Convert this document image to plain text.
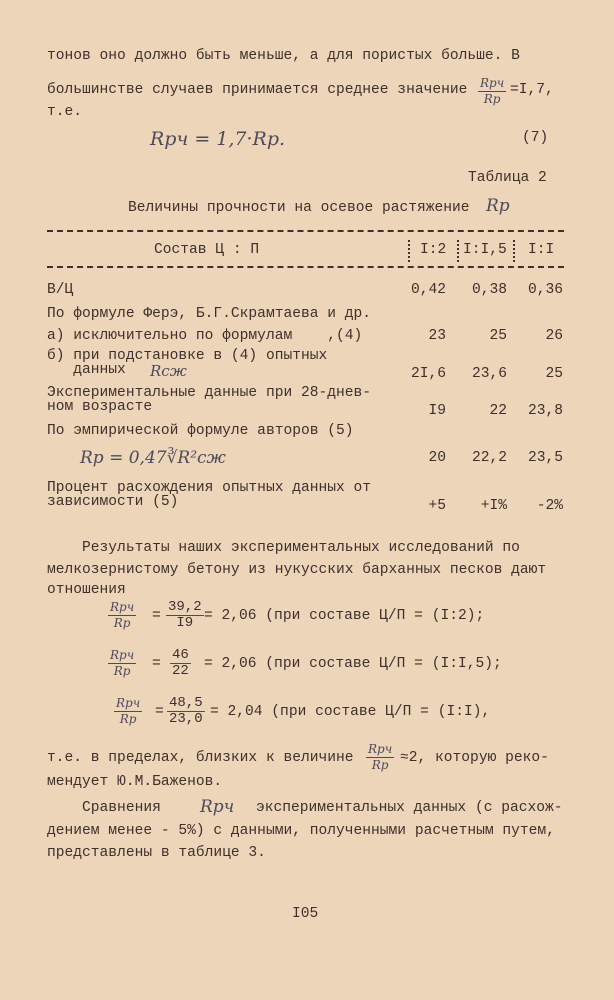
тонов оно должно быть меньше, а для пористых больше. В
большинстве случаев принимается среднее значение Rрч
Rр
=I,7,
т.е.
Rрч = 1,7·Rр.	(7)
Таблица 2
Величины прочности на осевое растяжение Rр
Состав Ц : П	I:2 I:I,5 I:I
В/Ц	0,42	0,38	0,36
По формуле Ферэ, Б.Г.Скрамтаева и др.
а) исключительно по формулам    ,(4)	23	25	26
б) при подстановке в (4) опытных
данных Rсж	2I,6	23,6	25
Экспериментальные данные при 28-днев-
ном возрасте	I9	22	23,8
По эмпирической формуле авторов (5)
Rр = 0,47∛R²сж	20	22,2	23,5
Процент расхождения опытных данных от
зависимости (5)	+5	+I%	-2%
Результаты наших экспериментальных исследований по
мелкозернистому бетону из нукусских барханных песков дают
отношения
Rрч
Rр = $\frac{39,2}{I9} = 2,06$ (при составе Ц/П = (I:2);
Rрч
Rр = $\frac{46}{22} = 2,06$ (при составе Ц/П = (I:I,5);
Rрч
Rр = $\frac{48,5}{23,0} = 2,04$ (при составе Ц/П = (I:I),
т.е. в пределах, близких к величине
Rрч
Rр ≈2, которую реко-
мендует Ю.М.Баженов.
Сравнения Rрч экспериментальных данных (с расхож-
дением менее - 5%) с данными, полученными расчетным путем,
представлены в таблице 3.
I05
